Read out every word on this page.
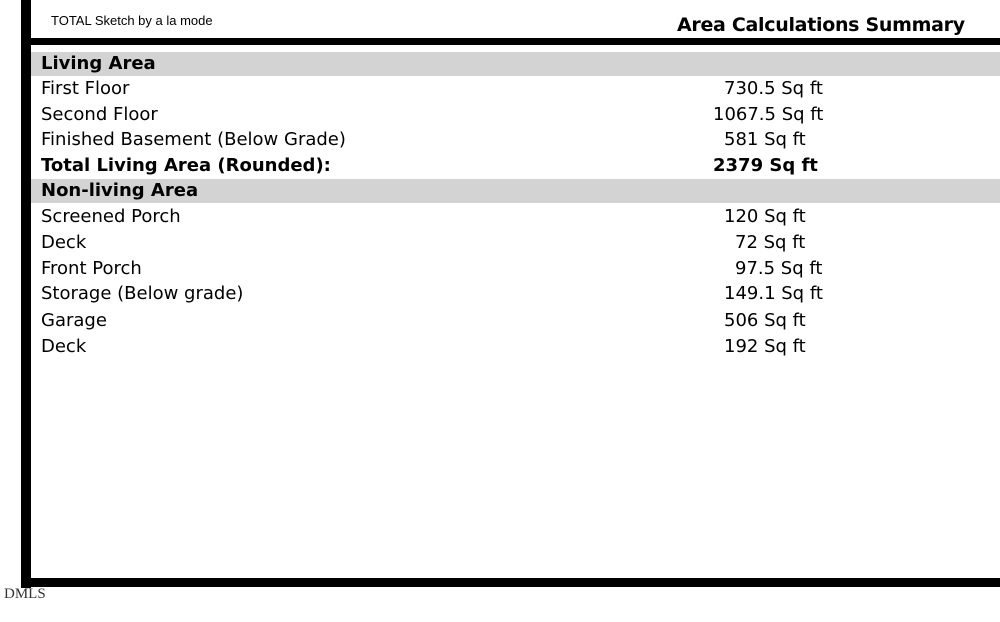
TOTAL Sketch by a la mode	Area Calculations Summary
Living Area
First Floor	730.5 Sq ft
Second Floor	1067.5 Sq ft
Finished Basement (Below Grade)	581 Sq ft
Total Living Area (Rounded):	2379 Sq ft
Non-living Area
Screened Porch	120 Sq ft
Deck	72 Sq ft
Front Porch	97.5 Sq ft
Storage (Below grade)	149.1 Sq ft
Garage	506 Sq ft
Deck	192 Sq ft
DMLS
